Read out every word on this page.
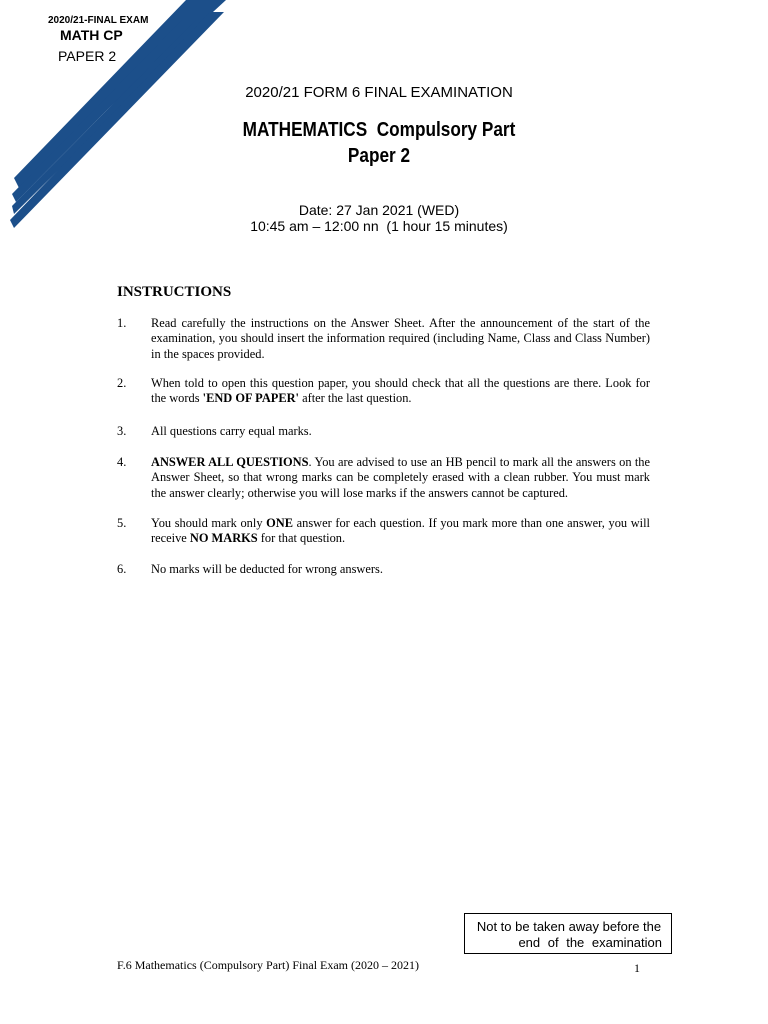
2020/21-FINAL EXAM
MATH CP
PAPER 2
2020/21 FORM 6 FINAL EXAMINATION
MATHEMATICS  Compulsory Part
Paper 2
Date: 27 Jan 2021 (WED)
10:45 am – 12:00 nn  (1 hour 15 minutes)
INSTRUCTIONS
1. Read carefully the instructions on the Answer Sheet. After the announcement of the start of the examination, you should insert the information required (including Name, Class and Class Number) in the spaces provided.
2. When told to open this question paper, you should check that all the questions are there. Look for the words 'END OF PAPER' after the last question.
3. All questions carry equal marks.
4. ANSWER ALL QUESTIONS. You are advised to use an HB pencil to mark all the answers on the Answer Sheet, so that wrong marks can be completely erased with a clean rubber. You must mark the answer clearly; otherwise you will lose marks if the answers cannot be captured.
5. You should mark only ONE answer for each question. If you mark more than one answer, you will receive NO MARKS for that question.
6. No marks will be deducted for wrong answers.
Not to be taken away before the
end of the examination
F.6 Mathematics (Compulsory Part) Final Exam (2020 – 2021)	1
